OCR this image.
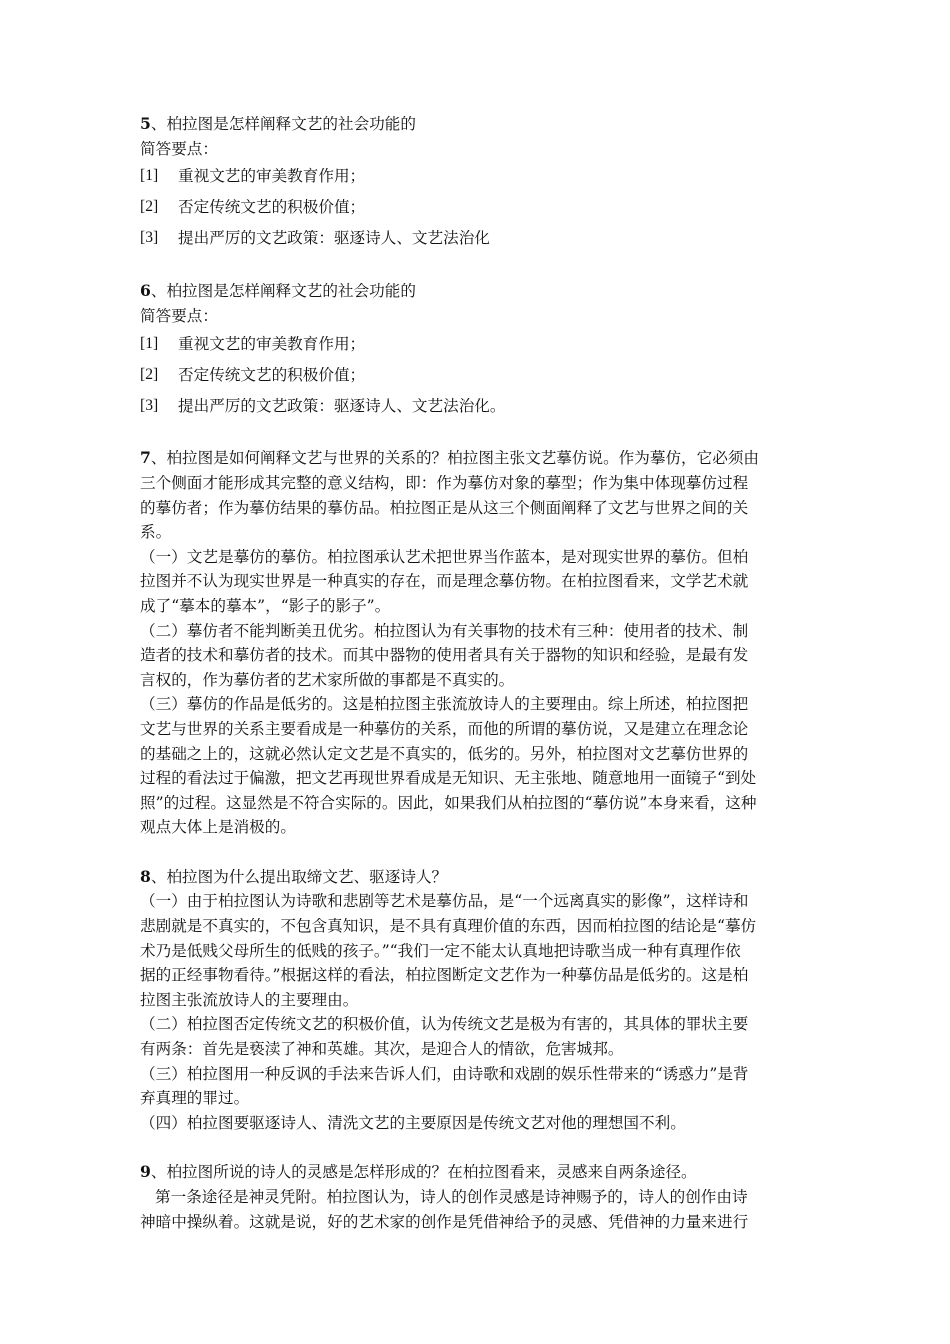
5、柏拉图是怎样阐释文艺的社会功能的
简答要点：
[1]	重视文艺的审美教育作用；
[2]	否定传统文艺的积极价值；
[3]	提出严厉的文艺政策：驱逐诗人、文艺法治化
6、柏拉图是怎样阐释文艺的社会功能的
简答要点：
[1]	重视文艺的审美教育作用；
[2]	否定传统文艺的积极价值；
[3]	提出严厉的文艺政策：驱逐诗人、文艺法治化。
7、柏拉图是如何阐释文艺与世界的关系的？柏拉图主张文艺摹仿说。作为摹仿，它必须由
三个侧面才能形成其完整的意义结构，即：作为摹仿对象的摹型；作为集中体现摹仿过程
的摹仿者；作为摹仿结果的摹仿品。柏拉图正是从这三个侧面阐释了文艺与世界之间的关
系。
（一）文艺是摹仿的摹仿。柏拉图承认艺术把世界当作蓝本，是对现实世界的摹仿。但柏
拉图并不认为现实世界是一种真实的存在，而是理念摹仿物。在柏拉图看来，文学艺术就
成了“摹本的摹本”，“影子的影子”。
（二）摹仿者不能判断美丑优劣。柏拉图认为有关事物的技术有三种：使用者的技术、制
造者的技术和摹仿者的技术。而其中器物的使用者具有关于器物的知识和经验，是最有发
言权的，作为摹仿者的艺术家所做的事都是不真实的。
（三）摹仿的作品是低劣的。这是柏拉图主张流放诗人的主要理由。综上所述，柏拉图把
文艺与世界的关系主要看成是一种摹仿的关系，而他的所谓的摹仿说，又是建立在理念论
的基础之上的，这就必然认定文艺是不真实的，低劣的。另外，柏拉图对文艺摹仿世界的
过程的看法过于偏激，把文艺再现世界看成是无知识、无主张地、随意地用一面镜子“到处
照”的过程。这显然是不符合实际的。因此，如果我们从柏拉图的“摹仿说”本身来看，这种
观点大体上是消极的。
8、柏拉图为什么提出取缔文艺、驱逐诗人？
（一）由于柏拉图认为诗歌和悲剧等艺术是摹仿品，是“一个远离真实的影像”，这样诗和
悲剧就是不真实的，不包含真知识，是不具有真理价值的东西，因而柏拉图的结论是“摹仿
术乃是低贱父母所生的低贱的孩子。”“我们一定不能太认真地把诗歌当成一种有真理作依
据的正经事物看待。”根据这样的看法，柏拉图断定文艺作为一种摹仿品是低劣的。这是柏
拉图主张流放诗人的主要理由。
（二）柏拉图否定传统文艺的积极价值，认为传统文艺是极为有害的，其具体的罪状主要
有两条：首先是亵渎了神和英雄。其次，是迎合人的情欲，危害城邦。
（三）柏拉图用一种反讽的手法来告诉人们，由诗歌和戏剧的娱乐性带来的“诱惑力”是背
弃真理的罪过。
（四）柏拉图要驱逐诗人、清洗文艺的主要原因是传统文艺对他的理想国不利。
9、柏拉图所说的诗人的灵感是怎样形成的？在柏拉图看来，灵感来自两条途径。
第一条途径是神灵凭附。柏拉图认为，诗人的创作灵感是诗神赐予的，诗人的创作由诗
神暗中操纵着。这就是说，好的艺术家的创作是凭借神给予的灵感、凭借神的力量来进行
